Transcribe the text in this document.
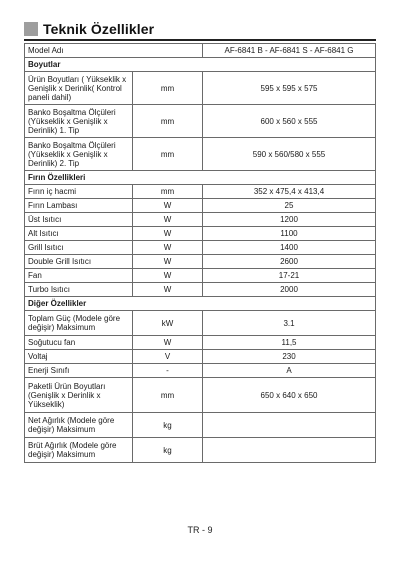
Teknik Özellikler
Model Adı		AF-6841 B - AF-6841 S - AF-6841 G
Boyutlar		
Ürün Boyutları ( Yükseklik x Genişlik x Derinlik( Kontrol paneli dahil)	mm	595 x 595 x 575
Banko Boşaltma Ölçüleri (Yükseklik x Genişlik x Derinlik) 1. Tip	mm	600 x 560 x 555
Banko Boşaltma Ölçüleri (Yükseklik x Genişlik x Derinlik) 2. Tip	mm	590 x 560/580 x 555
Fırın Özellikleri		
Fırın iç hacmi	mm	352 x 475,4 x 413,4
Fırın Lambası	W	25
Üst Isıtıcı	W	1200
Alt Isıtıcı	W	1100
Grill Isıtıcı	W	1400
Double Grill Isıtıcı	W	2600
Fan	W	17-21
Turbo Isıtıcı	W	2000
Diğer Özellikler		
Toplam Güç (Modele göre değişir) Maksimum	kW	3.1
Soğutucu fan	W	11,5
Voltaj	V	230
Enerji Sınıfı	-	A
Paketli Ürün Boyutları (Genişlik x Derinlik x Yükseklik)	mm	650 x 640 x 650
Net Ağırlık (Modele göre değişir) Maksimum	kg	
Brüt Ağırlık (Modele göre değişir) Maksimum	kg	
TR - 9
